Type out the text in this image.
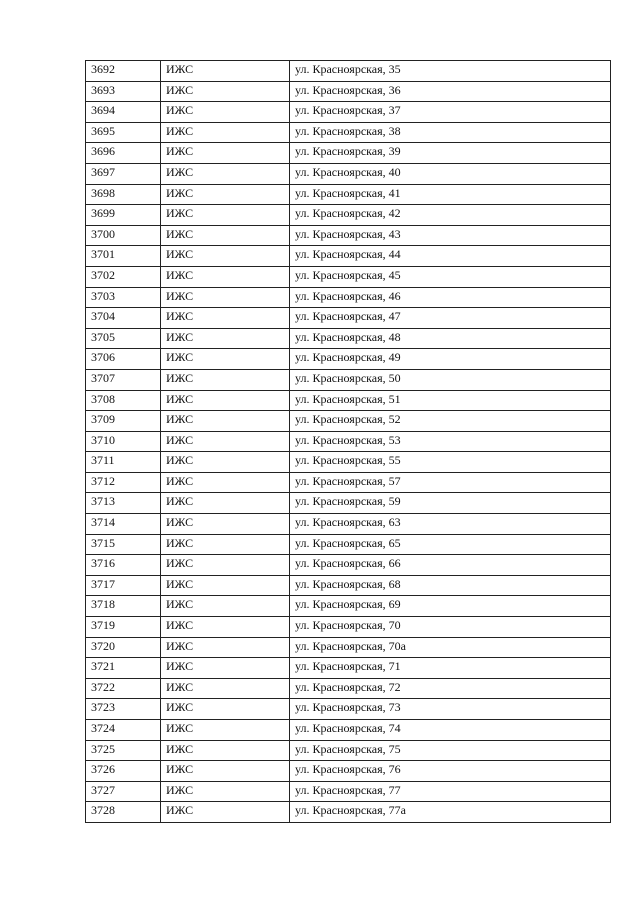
3692	ИЖС	ул. Красноярская, 35
3693	ИЖС	ул. Красноярская, 36
3694	ИЖС	ул. Красноярская, 37
3695	ИЖС	ул. Красноярская, 38
3696	ИЖС	ул. Красноярская, 39
3697	ИЖС	ул. Красноярская, 40
3698	ИЖС	ул. Красноярская, 41
3699	ИЖС	ул. Красноярская, 42
3700	ИЖС	ул. Красноярская, 43
3701	ИЖС	ул. Красноярская, 44
3702	ИЖС	ул. Красноярская, 45
3703	ИЖС	ул. Красноярская, 46
3704	ИЖС	ул. Красноярская, 47
3705	ИЖС	ул. Красноярская, 48
3706	ИЖС	ул. Красноярская, 49
3707	ИЖС	ул. Красноярская, 50
3708	ИЖС	ул. Красноярская, 51
3709	ИЖС	ул. Красноярская, 52
3710	ИЖС	ул. Красноярская, 53
3711	ИЖС	ул. Красноярская, 55
3712	ИЖС	ул. Красноярская, 57
3713	ИЖС	ул. Красноярская, 59
3714	ИЖС	ул. Красноярская, 63
3715	ИЖС	ул. Красноярская, 65
3716	ИЖС	ул. Красноярская, 66
3717	ИЖС	ул. Красноярская, 68
3718	ИЖС	ул. Красноярская, 69
3719	ИЖС	ул. Красноярская, 70
3720	ИЖС	ул. Красноярская, 70а
3721	ИЖС	ул. Красноярская, 71
3722	ИЖС	ул. Красноярская, 72
3723	ИЖС	ул. Красноярская, 73
3724	ИЖС	ул. Красноярская, 74
3725	ИЖС	ул. Красноярская, 75
3726	ИЖС	ул. Красноярская, 76
3727	ИЖС	ул. Красноярская, 77
3728	ИЖС	ул. Красноярская, 77а
